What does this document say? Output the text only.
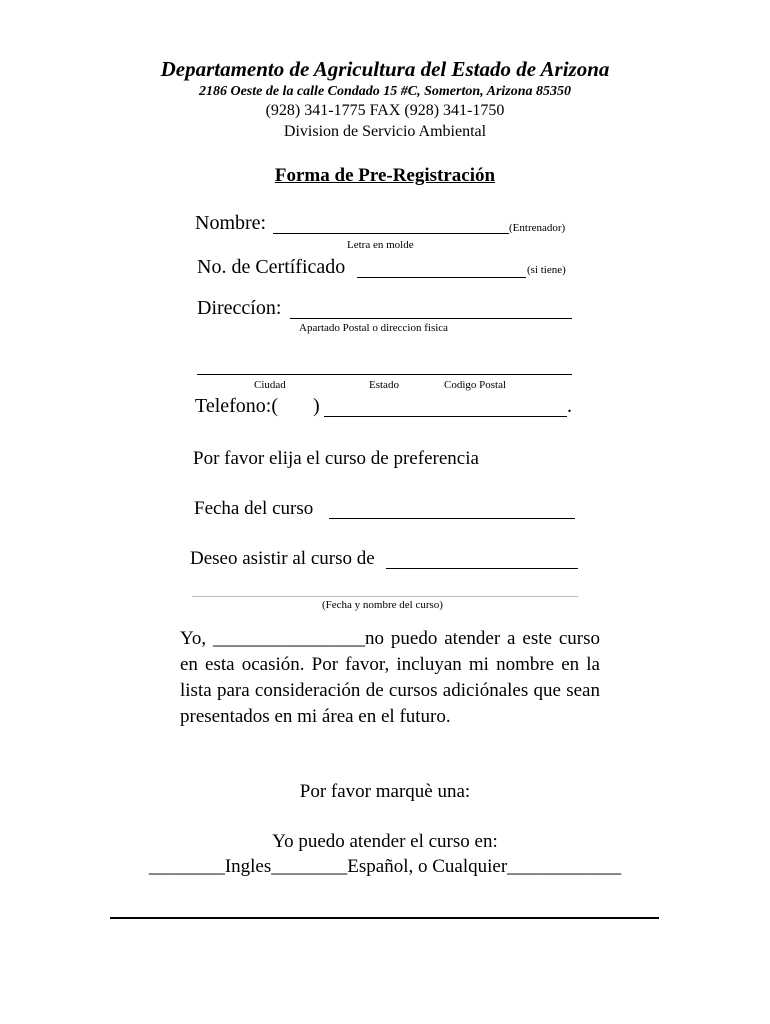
Departamento de Agricultura del Estado de Arizona
2186 Oeste de la calle Condado 15 #C, Somerton, Arizona 85350
(928) 341-1775 FAX (928) 341-1750
Division de Servicio Ambiental
Forma de Pre-Registración
Nombre:	(Entrenador)
Letra en molde
No. de Certíficado	(si tiene)
Direccíon:
Apartado Postal o direccion fisica
Ciudad	Estado	Codigo Postal
Telefono:( )	.
Por favor elija el curso de preferencia
Fecha del curso
Deseo asistir al curso de
(Fecha y nombre del curso)
Yo, ________________no puedo atender a este curso en esta ocasión. Por favor, incluyan mi nombre en la lista para consideración de cursos adiciónales que sean presentados en mi área en el futuro.
Por favor marquè una:
Yo puedo atender el curso en:
________Ingles________Español, o Cualquier____________
